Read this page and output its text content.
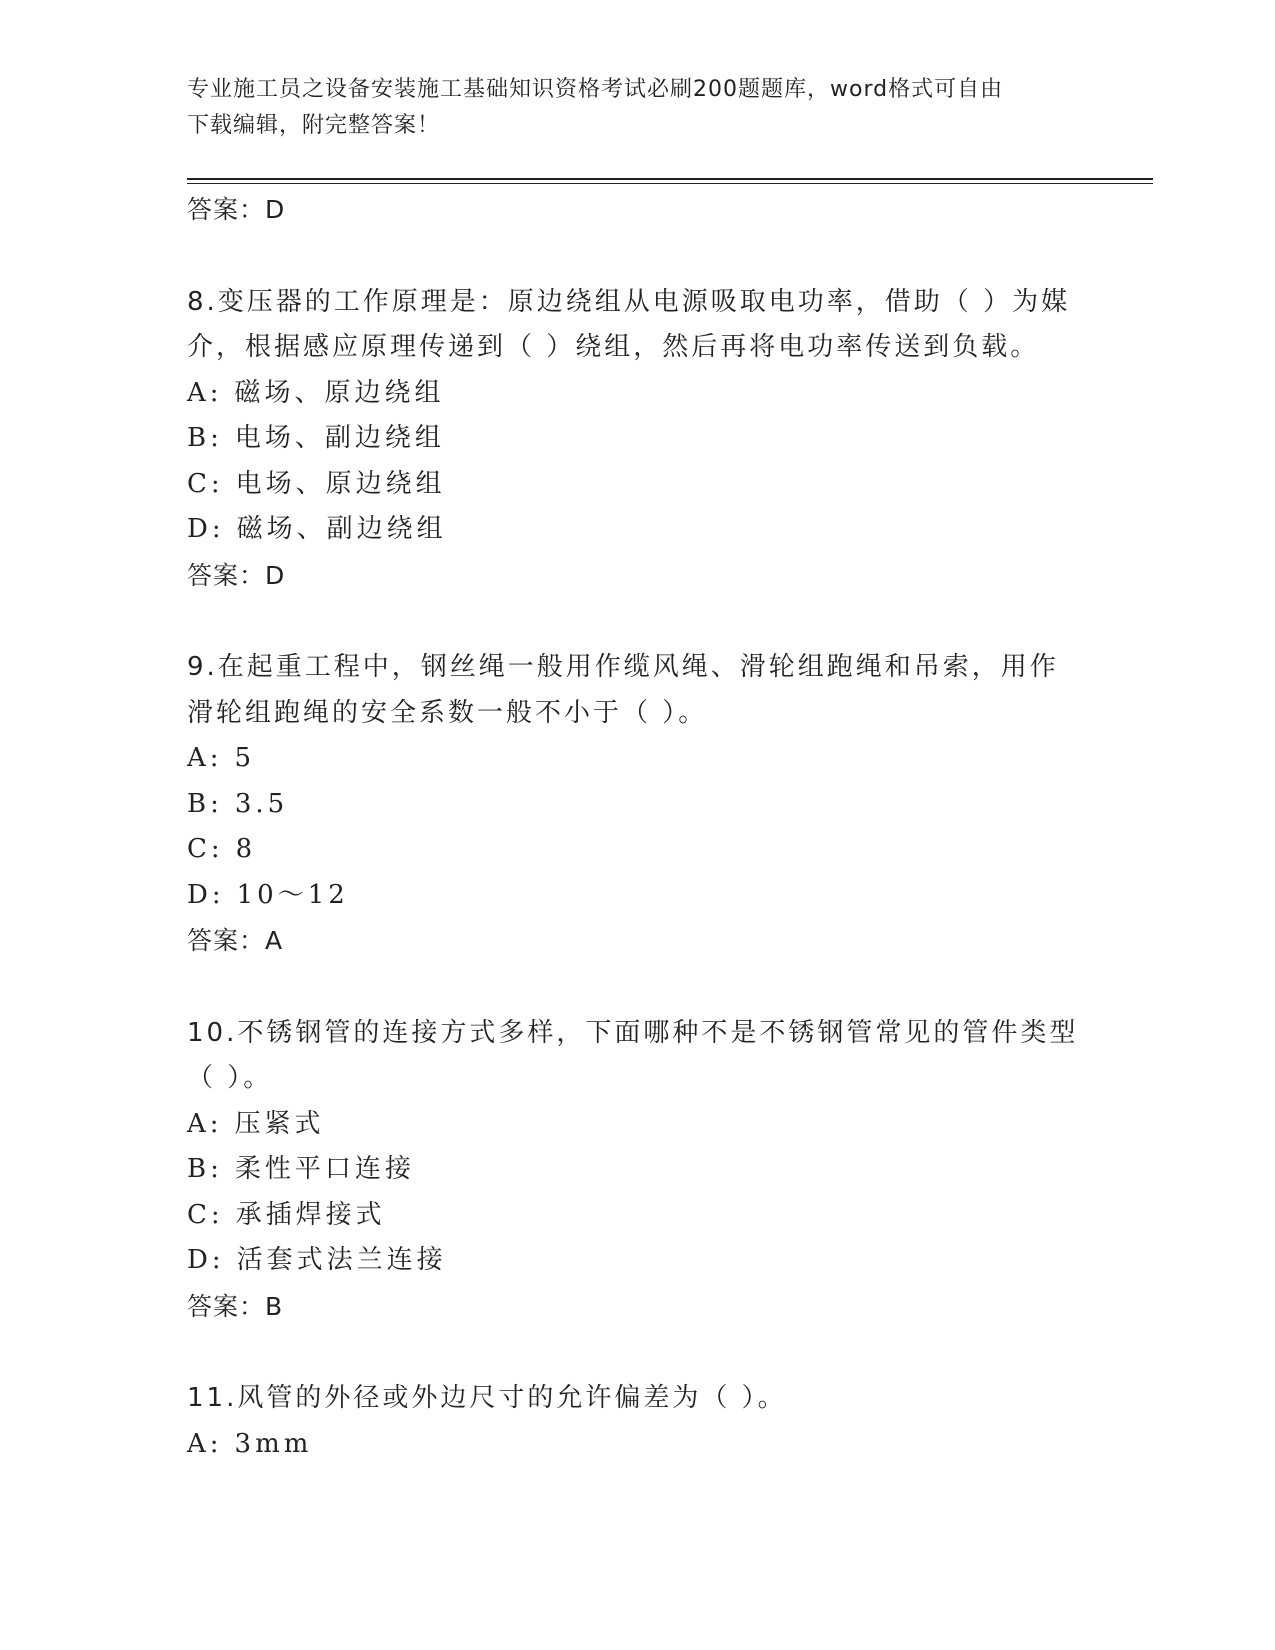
专业施工员之设备安装施工基础知识资格考试必刷200题题库，word格式可自由
下载编辑，附完整答案！
答案：D
8.变压器的工作原理是：原边绕组从电源吸取电功率，借助（ ）为媒
介，根据感应原理传递到（ ）绕组，然后再将电功率传送到负载。
A: 磁场、原边绕组
B: 电场、副边绕组
C: 电场、原边绕组
D: 磁场、副边绕组
答案：D
9.在起重工程中，钢丝绳一般用作缆风绳、滑轮组跑绳和吊索，用作
滑轮组跑绳的安全系数一般不小于（ ）。
A: 5
B: 3.5
C: 8
D: 10～12
答案：A
10.不锈钢管的连接方式多样，下面哪种不是不锈钢管常见的管件类型
（ ）。
A: 压紧式
B: 柔性平口连接
C: 承插焊接式
D: 活套式法兰连接
答案：B
11.风管的外径或外边尺寸的允许偏差为（ ）。
A: 3mm
